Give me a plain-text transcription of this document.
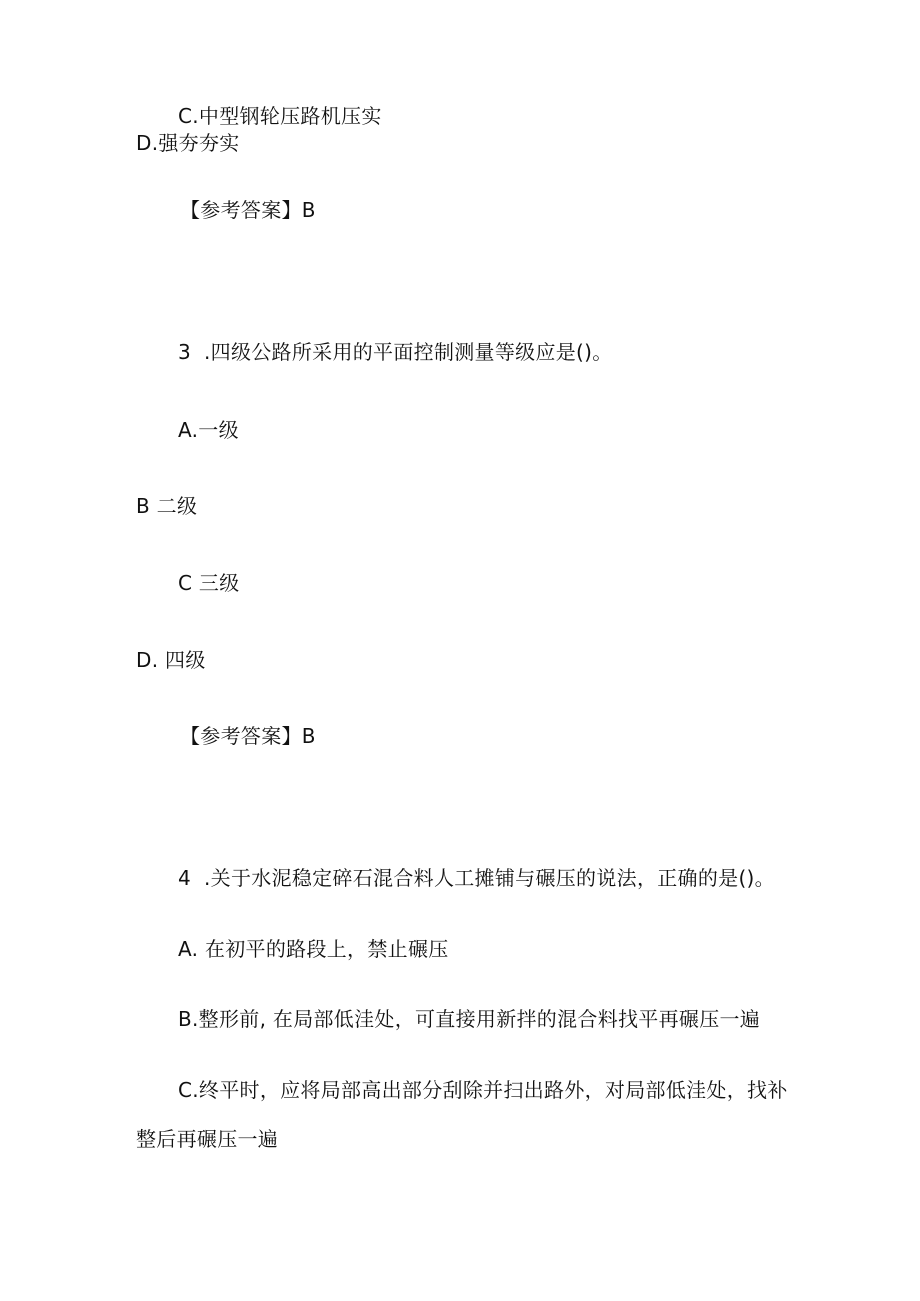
C.中型钢轮压路机压实
D.强夯夯实
【参考答案】B
3 .四级公路所采用的平面控制测量等级应是()。
A.一级
B 二级
C 三级
D. 四级
【参考答案】B
4 .关于水泥稳定碎石混合料人工摊铺与碾压的说法，正确的是()。
A. 在初平的路段上，禁止碾压
B.整形前, 在局部低洼处，可直接用新拌的混合料找平再碾压一遍
C.终平时，应将局部高出部分刮除并扫出路外，对局部低洼处，找补
整后再碾压一遍
